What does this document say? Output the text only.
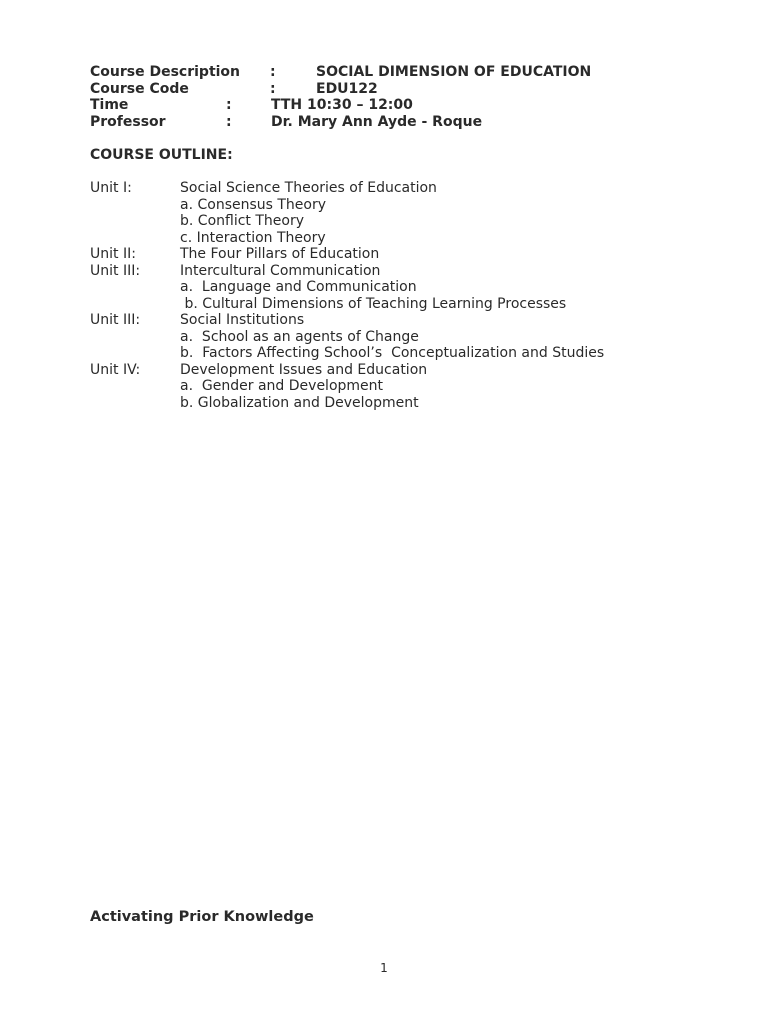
Course Description :	SOCIAL DIMENSION OF EDUCATION
Course Code	:	EDU122
Time	:	TTH 10:30 – 12:00
Professor	:	Dr. Mary Ann Ayde - Roque
COURSE OUTLINE:
Unit I:	Social Science Theories of Education
a. Consensus Theory
b. Conflict Theory
c. Interaction Theory
Unit II:	The Four Pillars of Education
Unit III:	Intercultural Communication
a.  Language and Communication
b. Cultural Dimensions of Teaching Learning Processes
Unit III:	Social Institutions
a.  School as an agents of Change
b.  Factors Affecting School’s  Conceptualization and Studies
Unit IV:	Development Issues and Education
a.  Gender and Development
b. Globalization and Development
Activating Prior Knowledge
1
